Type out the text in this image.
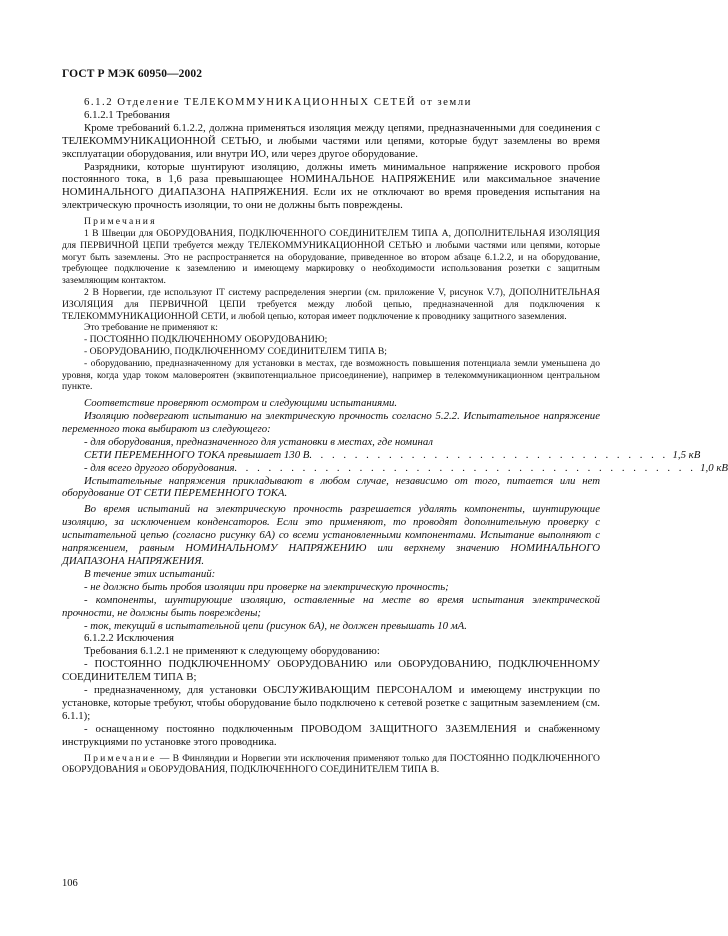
ГОСТ Р МЭК 60950—2002

6.1.2 Отделение ТЕЛЕКОММУНИКАЦИОННЫХ СЕТЕЙ от земли

6.1.2.1 Требования

Кроме требований 6.1.2.2, должна применяться изоляция между цепями, предназначенными для соединения с ТЕЛЕКОММУНИКАЦИОННОЙ СЕТЬЮ, и любыми частями или цепями, которые будут заземлены во время эксплуатации оборудования, или внутри ИО, или через другое оборудование.

Разрядники, которые шунтируют изоляцию, должны иметь минимальное напряжение искрового пробоя постоянного тока, в 1,6 раза превышающее НОМИНАЛЬНОЕ НАПРЯЖЕНИЕ или максимальное значение НОМИНАЛЬНОГО ДИАПАЗОНА НАПРЯЖЕНИЯ. Если их не отключают во время проведения испытания на электрическую прочность изоляции, то они не должны быть повреждены.

Примечания

1 В Швеции для ОБОРУДОВАНИЯ, ПОДКЛЮЧЕННОГО СОЕДИНИТЕЛЕМ ТИПА А, ДОПОЛНИТЕЛЬНАЯ ИЗОЛЯЦИЯ для ПЕРВИЧНОЙ ЦЕПИ требуется между ТЕЛЕКОММУНИКАЦИОННОЙ СЕТЬЮ и любыми частями или цепями, которые могут быть заземлены. Это не распространяется на оборудование, приведенное во втором абзаце 6.1.2.2, и на оборудование, требующее подключение к заземлению и имеющему маркировку о необходимости использования розетки с защитным заземляющим контактом.

2 В Норвегии, где используют IT систему распределения энергии (см. приложение V, рисунок V.7), ДОПОЛНИТЕЛЬНАЯ ИЗОЛЯЦИЯ для ПЕРВИЧНОЙ ЦЕПИ требуется между любой цепью, предназначенной для подключения к ТЕЛЕКОММУНИКАЦИОННОЙ СЕТИ, и любой цепью, которая имеет подключение к проводнику защитного заземления.

Это требование не применяют к:

- ПОСТОЯННО ПОДКЛЮЧЕННОМУ ОБОРУДОВАНИЮ;

- ОБОРУДОВАНИЮ, ПОДКЛЮЧЕННОМУ СОЕДИНИТЕЛЕМ ТИПА В;

- оборудованию, предназначенному для установки в местах, где возможность повышения потенциала земли уменьшена до уровня, когда удар током маловероятен (эквипотенциальное присоединение), например в телекоммуникационном центральном пункте.

Соответствие проверяют осмотром и следующими испытаниями.

Изоляцию подвергают испытанию на электрическую прочность согласно 5.2.2. Испытательное напряжение переменного тока выбирают из следующего:

- для оборудования, предназначенного для установки в местах, где номинал

СЕТИ ПЕРЕМЕННОГО ТОКА превышает 130 В . . . . . . . . . . . . . . . . . . . . . . . . . . . . . . . . 1,5 кВ
- для всего другого оборудования . . . . . . . . . . . . . . . . . . . . . . . . . . . . . . . . . . . . . . . . . 1,0 кВ

Испытательные напряжения прикладывают в любом случае, независимо от того, питается или нет оборудование ОТ СЕТИ ПЕРЕМЕННОГО ТОКА.

Во время испытаний на электрическую прочность разрешается удалять компоненты, шунтирующие изоляцию, за исключением конденсаторов. Если это применяют, то проводят дополнительную проверку с испытательной цепью (согласно рисунку 6А) со всеми установленными компонентами. Испытание выполняют с напряжением, равным НОМИНАЛЬНОМУ НАПРЯЖЕНИЮ или верхнему значению НОМИНАЛЬНОГО ДИАПАЗОНА НАПРЯЖЕНИЯ.

В течение этих испытаний:

- не должно быть пробоя изоляции при проверке на электрическую прочность;

- компоненты, шунтирующие изоляцию, оставленные на месте во время испытания электрической прочности, не должны быть повреждены;

- ток, текущий в испытательной цепи (рисунок 6А), не должен превышать 10 мА.

6.1.2.2 Исключения

Требования 6.1.2.1 не применяют к следующему оборудованию:

- ПОСТОЯННО ПОДКЛЮЧЕННОМУ ОБОРУДОВАНИЮ или ОБОРУДОВАНИЮ, ПОДКЛЮЧЕННОМУ СОЕДИНИТЕЛЕМ ТИПА В;

- предназначенному, для установки ОБСЛУЖИВАЮЩИМ ПЕРСОНАЛОМ и имеющему инструкции по установке, которые требуют, чтобы оборудование было подключено к сетевой розетке с защитным заземлением (см. 6.1.1);

- оснащенному постоянно подключенным ПРОВОДОМ ЗАЩИТНОГО ЗАЗЕМЛЕНИЯ и снабженному инструкциями по установке этого проводника.

Примечание — В Финляндии и Норвегии эти исключения применяют только для ПОСТОЯННО ПОДКЛЮЧЕННОГО ОБОРУДОВАНИЯ и ОБОРУДОВАНИЯ, ПОДКЛЮЧЕННОГО СОЕДИНИТЕЛЕМ ТИПА В.

106
